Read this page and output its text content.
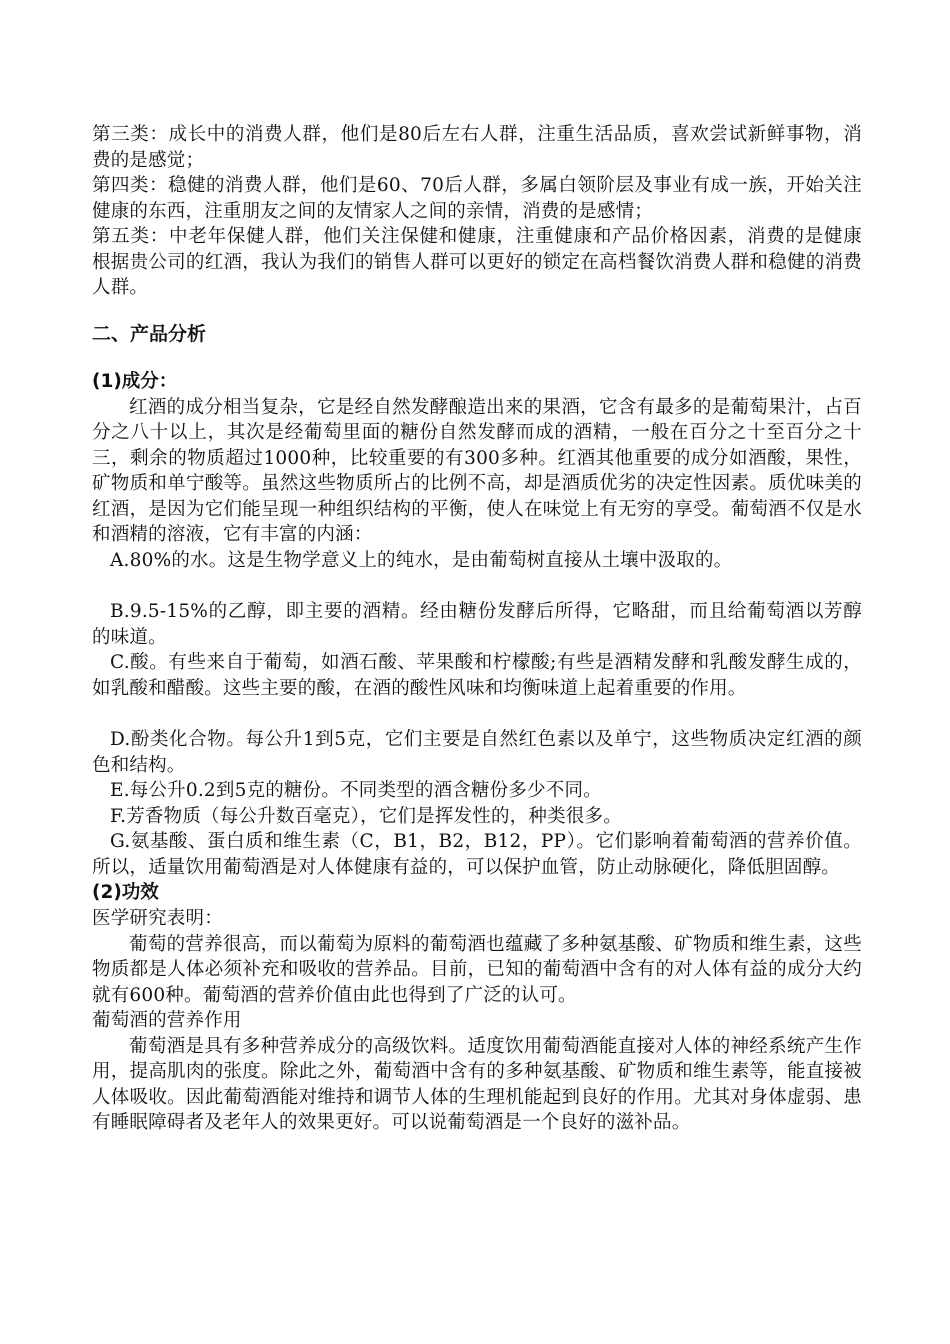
第三类：成长中的消费人群，他们是80后左右人群，注重生活品质，喜欢尝试新鲜事物，消费的是感觉；

第四类：稳健的消费人群，他们是60、70后人群，多属白领阶层及事业有成一族，开始关注健康的东西，注重朋友之间的友情家人之间的亲情，消费的是感情；

第五类：中老年保健人群，他们关注保健和健康，注重健康和产品价格因素，消费的是健康　根据贵公司的红酒，我认为我们的销售人群可以更好的锁定在高档餐饮消费人群和稳健的消费人群。

二、产品分析
(1)成分：

红酒的成分相当复杂，它是经自然发酵酿造出来的果酒，它含有最多的是葡萄果汁，占百分之八十以上，其次是经葡萄里面的糖份自然发酵而成的酒精，一般在百分之十至百分之十三，剩余的物质超过1000种，比较重要的有300多种。红酒其他重要的成分如酒酸，果性，矿物质和单宁酸等。虽然这些物质所占的比例不高，却是酒质优劣的决定性因素。质优味美的红酒，是因为它们能呈现一种组织结构的平衡，使人在味觉上有无穷的享受。葡萄酒不仅是水和酒精的溶液，它有丰富的内涵：

A.80%的水。这是生物学意义上的纯水，是由葡萄树直接从土壤中汲取的。

B.9.5-15%的乙醇，即主要的酒精。经由糖份发酵后所得，它略甜，而且给葡萄酒以芳醇的味道。

C.酸。有些来自于葡萄，如酒石酸、苹果酸和柠檬酸;有些是酒精发酵和乳酸发酵生成的，如乳酸和醋酸。这些主要的酸，在酒的酸性风味和均衡味道上起着重要的作用。

D.酚类化合物。每公升1到5克，它们主要是自然红色素以及单宁，这些物质决定红酒的颜色和结构。

E.每公升0.2到5克的糖份。不同类型的酒含糖份多少不同。

F.芳香物质（每公升数百毫克），它们是挥发性的，种类很多。

G.氨基酸、蛋白质和维生素（C，B1，B2，B12，PP）。它们影响着葡萄酒的营养价值。所以，适量饮用葡萄酒是对人体健康有益的，可以保护血管，防止动脉硬化，降低胆固醇。

(2)功效

医学研究表明：

葡萄的营养很高，而以葡萄为原料的葡萄酒也蕴藏了多种氨基酸、矿物质和维生素，这些物质都是人体必须补充和吸收的营养品。目前，已知的葡萄酒中含有的对人体有益的成分大约就有600种。葡萄酒的营养价值由此也得到了广泛的认可。

葡萄酒的营养作用

葡萄酒是具有多种营养成分的高级饮料。适度饮用葡萄酒能直接对人体的神经系统产生作用，提高肌肉的张度。除此之外，葡萄酒中含有的多种氨基酸、矿物质和维生素等，能直接被人体吸收。因此葡萄酒能对维持和调节人体的生理机能起到良好的作用。尤其对身体虚弱、患有睡眠障碍者及老年人的效果更好。可以说葡萄酒是一个良好的滋补品。
